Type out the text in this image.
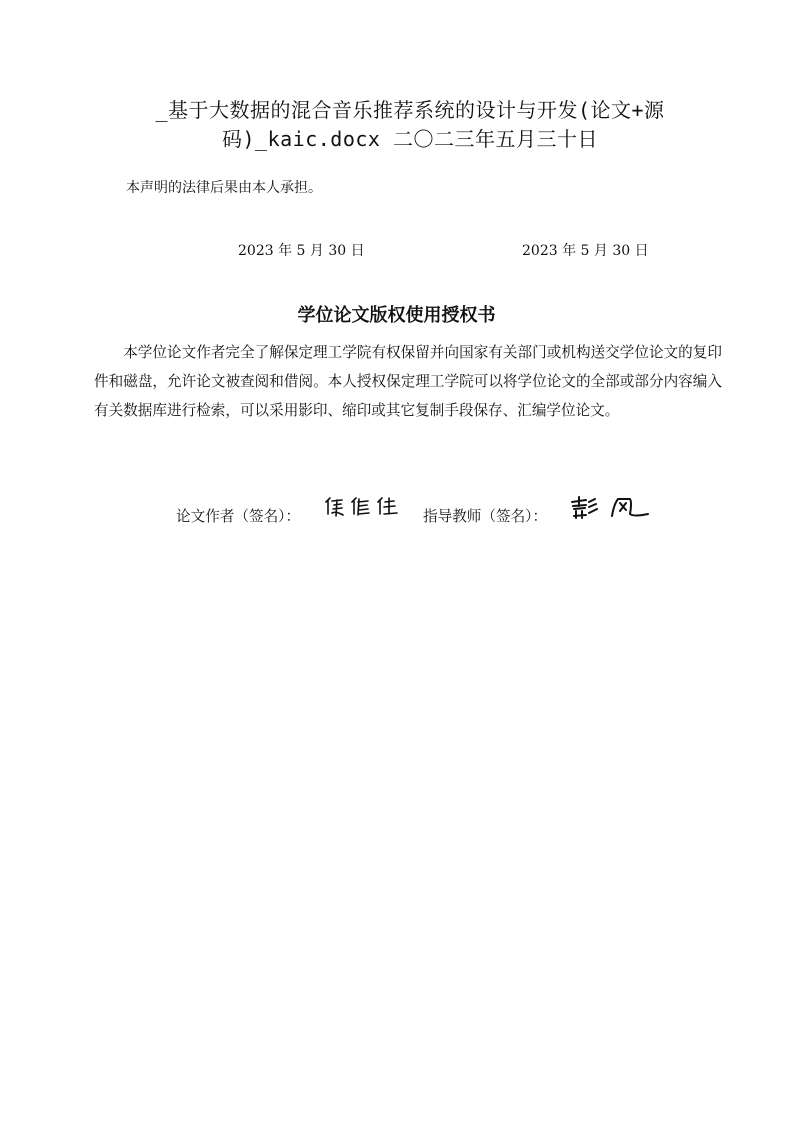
_基于大数据的混合音乐推荐系统的设计与开发(论文+源
码)_kaic.docx 二〇二三年五月三十日
本声明的法律后果由本人承担。
2023 年 5 月 30 日	2023 年 5 月 30 日
学位论文版权使用授权书

本学位论文作者完全了解保定理工学院有权保留并向国家有关部门或机构送交学位论文的复印件和磁盘，允许论文被查阅和借阅。本人授权保定理工学院可以将学位论文的全部或部分内容编入有关数据库进行检索，可以采用影印、缩印或其它复制手段保存、汇编学位论文。

论文作者（签名）：	指导教师（签名）：
